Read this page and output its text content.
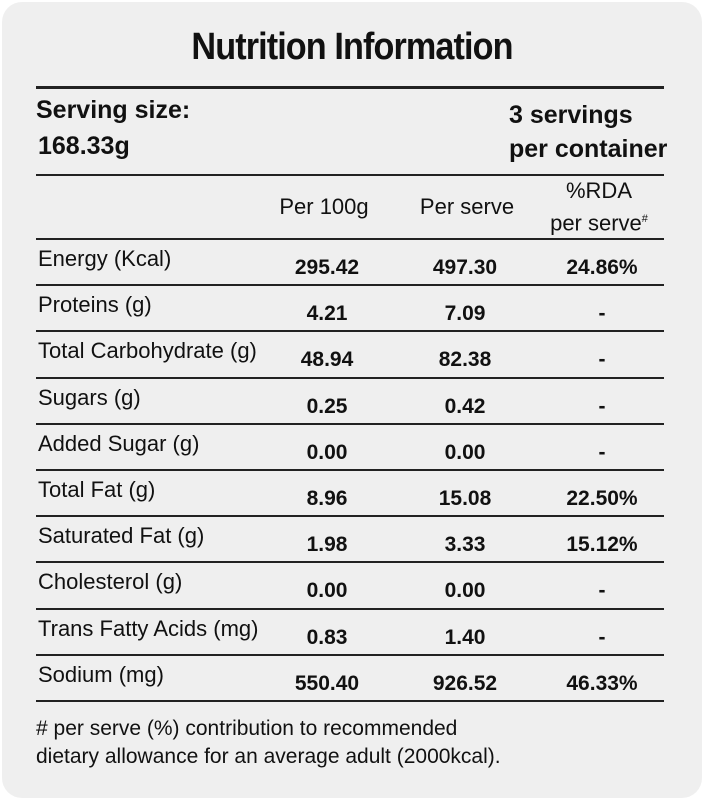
Nutrition Information
Serving size:
168.33g
3 servings
per container
Per 100g	Per serve
%RDA
per serve#
Energy (Kcal)	295.42	497.30	24.86%
Proteins (g)	4.21	7.09	-
Total Carbohydrate (g)	48.94	82.38	-
Sugars (g)	0.25	0.42	-
Added Sugar (g)	0.00	0.00	-
Total Fat (g)	8.96	15.08	22.50%
Saturated Fat (g)	1.98	3.33	15.12%
Cholesterol (g)	0.00	0.00	-
Trans Fatty Acids (mg)	0.83	1.40	-
Sodium (mg)	550.40	926.52	46.33%
# per serve (%) contribution to recommended
dietary allowance for an average adult (2000kcal).
